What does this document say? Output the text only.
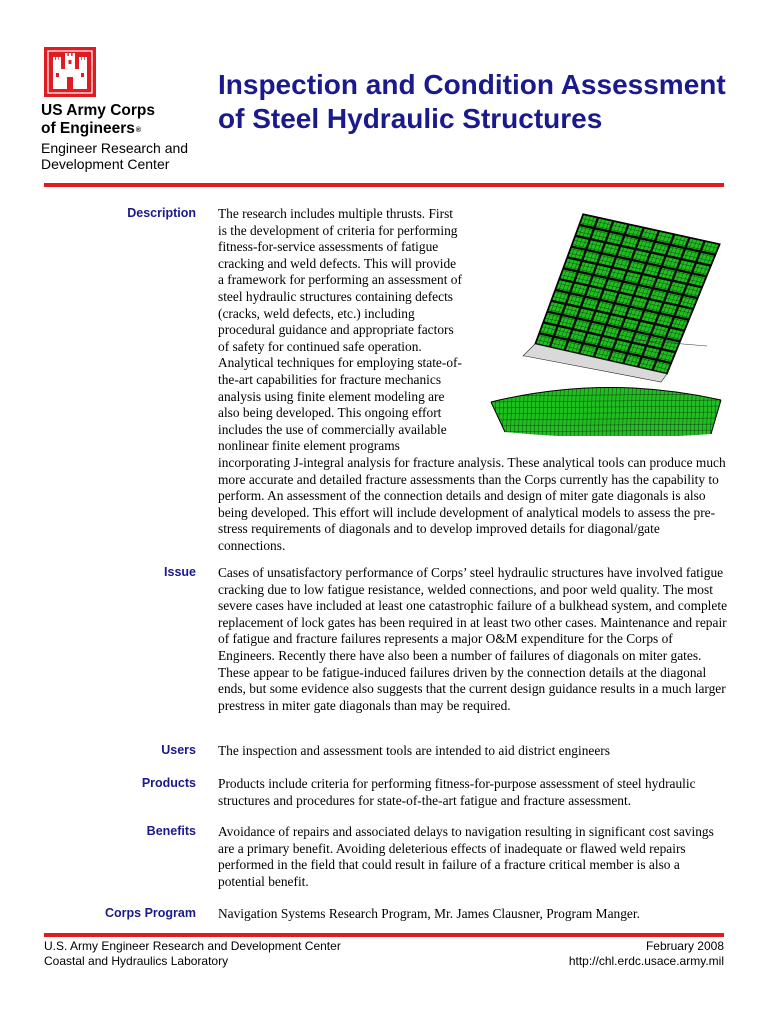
US Army Corps
of Engineers®
Engineer Research and Development Center
Inspection and Condition Assessment of Steel Hydraulic Structures
Description The research includes multiple thrusts. First
is the development of criteria for performing
fitness-for-service assessments of fatigue
cracking and weld defects. This will provide
a framework for performing an assessment of
steel hydraulic structures containing defects
(cracks, weld defects, etc.) including
procedural guidance and appropriate factors
of safety for continued safe operation.
Analytical techniques for employing state-of-
the-art capabilities for fracture mechanics
analysis using finite element modeling are
also being developed. This ongoing effort
includes the use of commercially available
nonlinear finite element programs
incorporating J-integral analysis for fracture analysis. These analytical tools can produce much more accurate and detailed fracture assessments than the Corps currently has the capability to perform. An assessment of the connection details and design of miter gate diagonals is also being developed. This effort will include development of analytical models to assess the pre-stress requirements of diagonals and to develop improved details for diagonal/gate connections.
Issue Cases of unsatisfactory performance of Corps’ steel hydraulic structures have involved fatigue cracking due to low fatigue resistance, welded connections, and poor weld quality. The most severe cases have included at least one catastrophic failure of a bulkhead system, and complete replacement of lock gates has been required in at least two other cases. Maintenance and repair of fatigue and fracture failures represents a major O&M expenditure for the Corps of Engineers. Recently there have also been a number of failures of diagonals on miter gates. These appear to be fatigue-induced failures driven by the connection details at the diagonal ends, but some evidence also suggests that the current design guidance results in a much larger prestress in miter gate diagonals than may be required.
Users The inspection and assessment tools are intended to aid district engineers
Products Products include criteria for performing fitness-for-purpose assessment of steel hydraulic structures and procedures for state-of-the-art fatigue and fracture assessment.
Benefits Avoidance of repairs and associated delays to navigation resulting in significant cost savings are a primary benefit. Avoiding deleterious effects of inadequate or flawed weld repairs performed in the field that could result in failure of a fracture critical member is also a potential benefit.
Corps Program Navigation Systems Research Program, Mr. James Clausner, Program Manger.
U.S. Army Engineer Research and Development Center
Coastal and Hydraulics Laboratory
February 2008
http://chl.erdc.usace.army.mil
